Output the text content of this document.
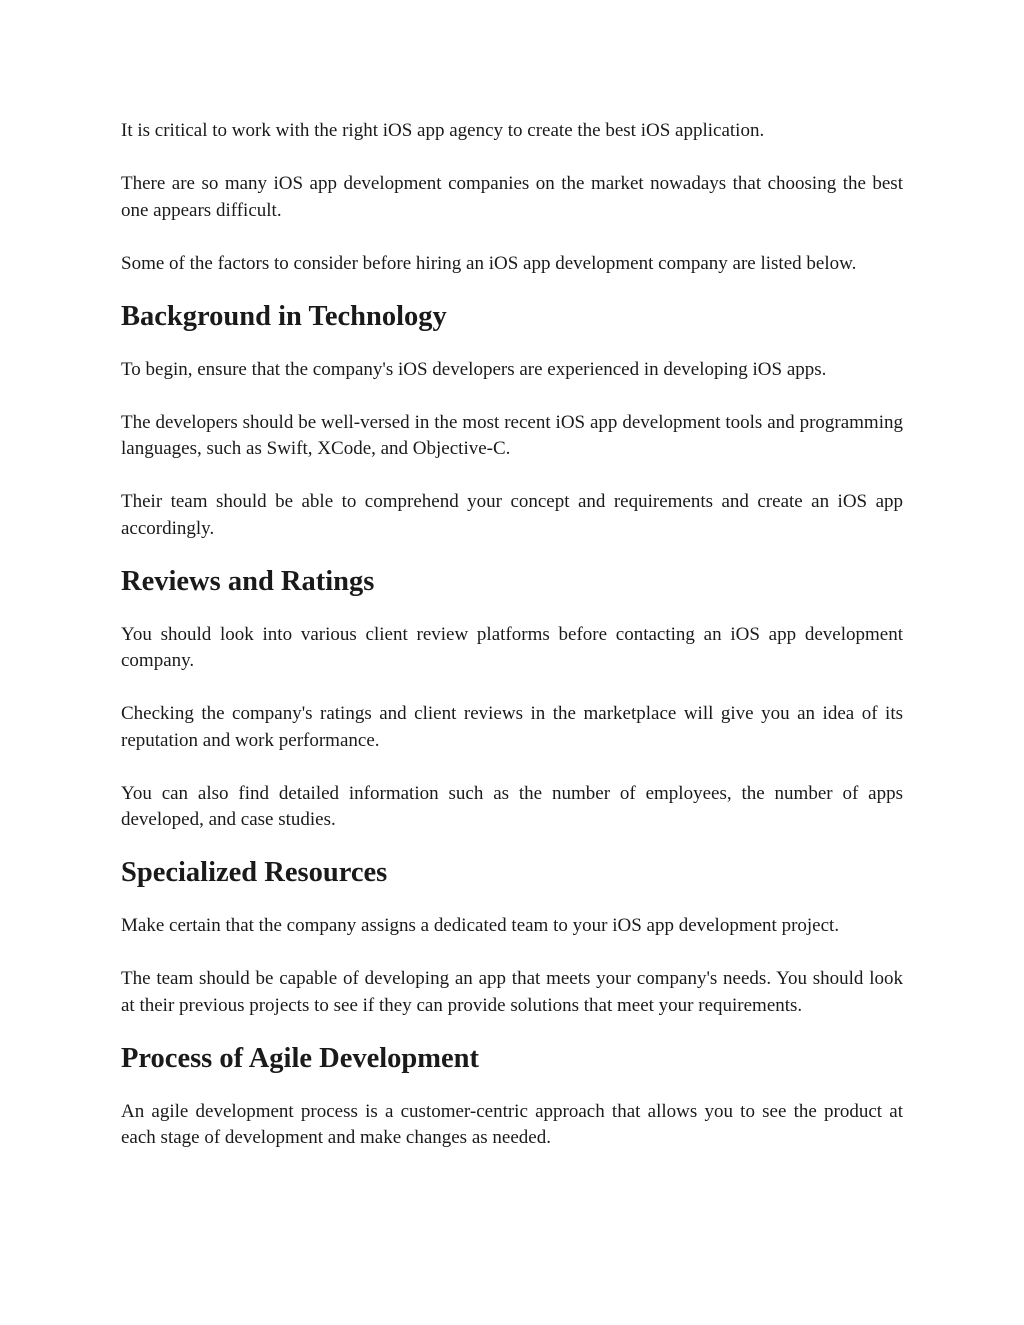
It is critical to work with the right iOS app agency to create the best iOS application.

There are so many iOS app development companies on the market nowadays that choosing the best one appears difficult.

Some of the factors to consider before hiring an iOS app development company are listed below.

Background in Technology

To begin, ensure that the company's iOS developers are experienced in developing iOS apps.

The developers should be well-versed in the most recent iOS app development tools and programming languages, such as Swift, XCode, and Objective-C.

Their team should be able to comprehend your concept and requirements and create an iOS app accordingly.

Reviews and Ratings

You should look into various client review platforms before contacting an iOS app development company.

Checking the company's ratings and client reviews in the marketplace will give you an idea of its reputation and work performance.

You can also find detailed information such as the number of employees, the number of apps developed, and case studies.

Specialized Resources

Make certain that the company assigns a dedicated team to your iOS app development project.

The team should be capable of developing an app that meets your company's needs. You should look at their previous projects to see if they can provide solutions that meet your requirements.

Process of Agile Development

An agile development process is a customer-centric approach that allows you to see the product at each stage of development and make changes as needed.
